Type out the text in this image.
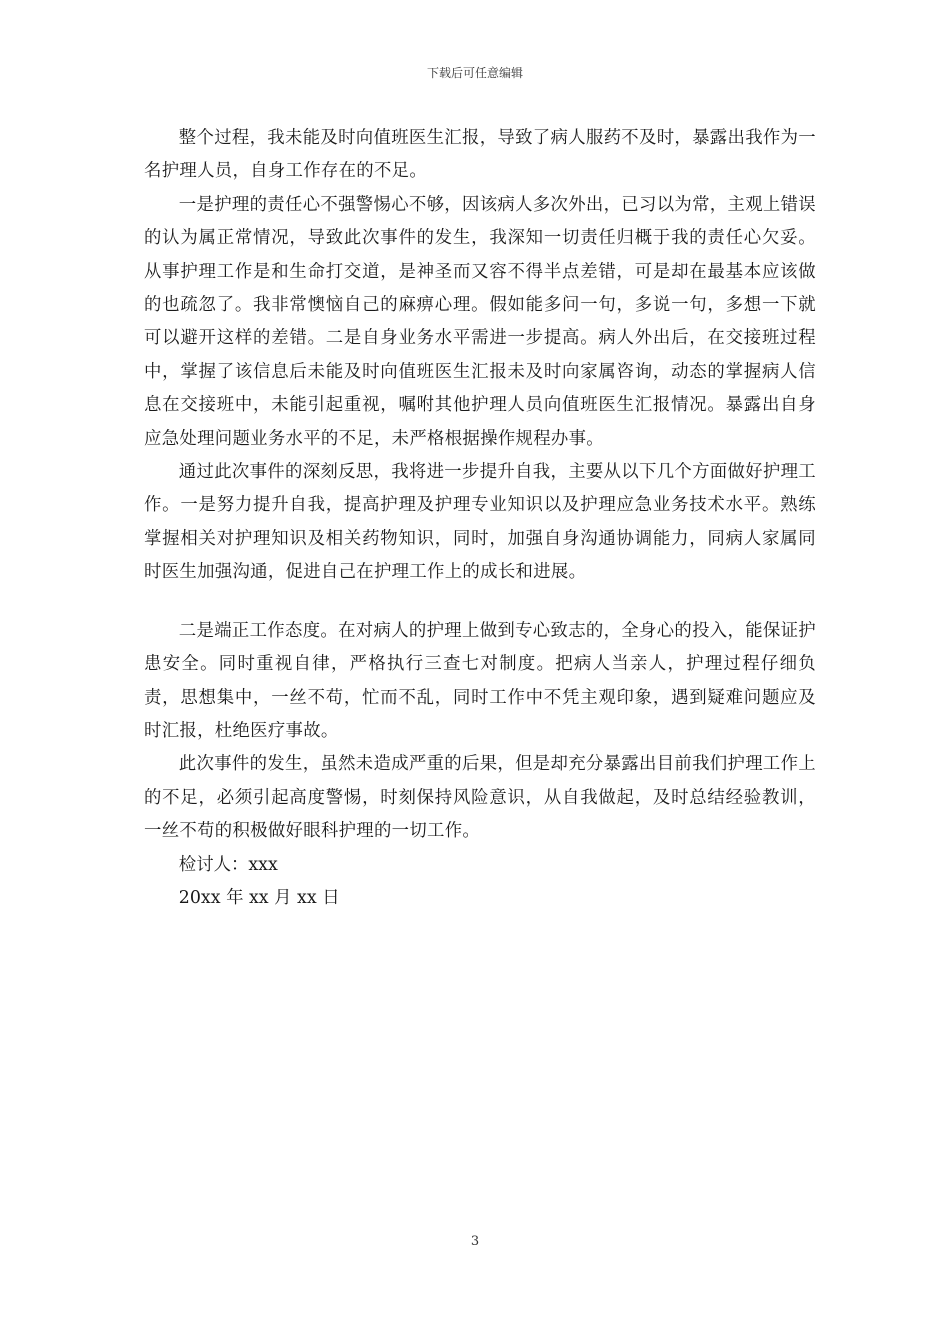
下载后可任意编辑

整个过程，我未能及时向值班医生汇报，导致了病人服药不及时，暴露出我作为一名护理人员，自身工作存在的不足。

一是护理的责任心不强警惕心不够，因该病人多次外出，已习以为常，主观上错误的认为属正常情况，导致此次事件的发生，我深知一切责任归概于我的责任心欠妥。从事护理工作是和生命打交道，是神圣而又容不得半点差错，可是却在最基本应该做的也疏忽了。我非常懊恼自己的麻痹心理。假如能多问一句，多说一句，多想一下就可以避开这样的差错。二是自身业务水平需进一步提高。病人外出后，在交接班过程中，掌握了该信息后未能及时向值班医生汇报未及时向家属咨询，动态的掌握病人信息在交接班中，未能引起重视，嘱咐其他护理人员向值班医生汇报情况。暴露出自身应急处理问题业务水平的不足，未严格根据操作规程办事。

通过此次事件的深刻反思，我将进一步提升自我，主要从以下几个方面做好护理工作。一是努力提升自我，提高护理及护理专业知识以及护理应急业务技术水平。熟练掌握相关对护理知识及相关药物知识，同时，加强自身沟通协调能力，同病人家属同时医生加强沟通，促进自己在护理工作上的成长和进展。

二是端正工作态度。在对病人的护理上做到专心致志的，全身心的投入，能保证护患安全。同时重视自律，严格执行三查七对制度。把病人当亲人，护理过程仔细负责，思想集中，一丝不苟，忙而不乱，同时工作中不凭主观印象，遇到疑难问题应及时汇报，杜绝医疗事故。

此次事件的发生，虽然未造成严重的后果，但是却充分暴露出目前我们护理工作上的不足，必须引起高度警惕，时刻保持风险意识，从自我做起，及时总结经验教训，一丝不苟的积极做好眼科护理的一切工作。

检讨人：xxx

20xx 年 xx 月 xx 日

3
